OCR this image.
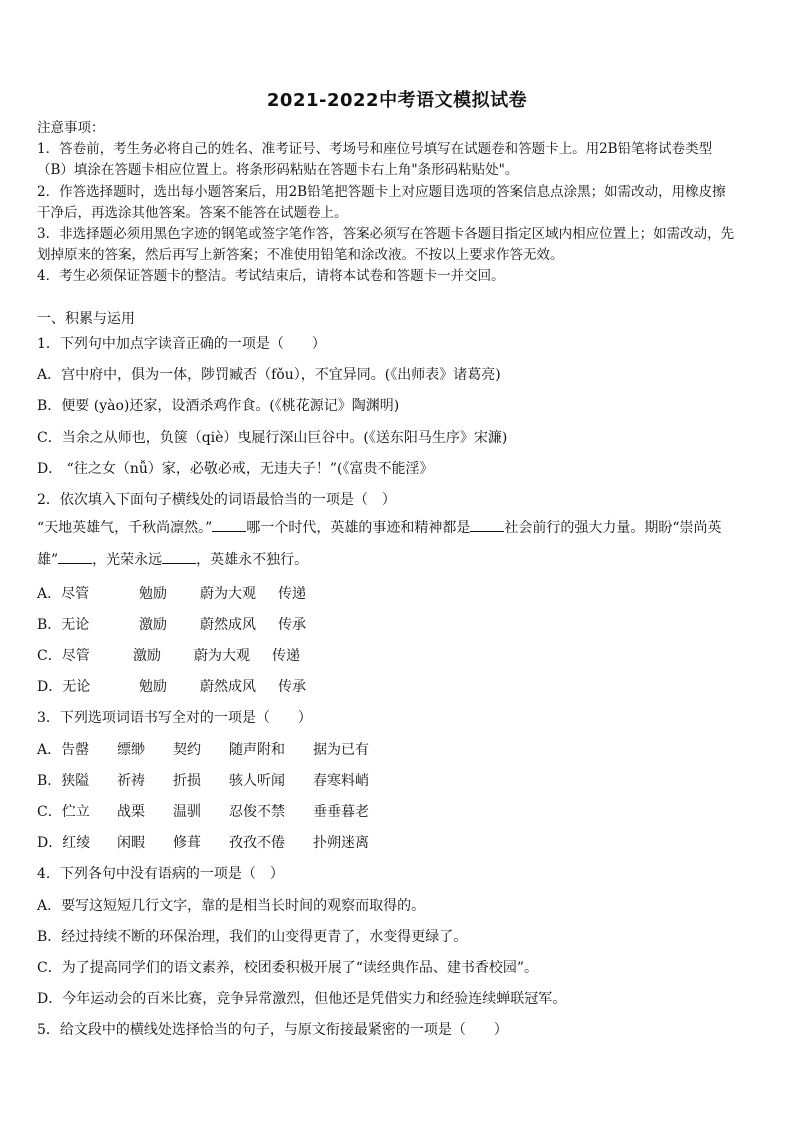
2021-2022中考语文模拟试卷

注意事项：

1．答卷前，考生务必将自己的姓名、准考证号、考场号和座位号填写在试题卷和答题卡上。用2B铅笔将试卷类型

（B）填涂在答题卡相应位置上。将条形码粘贴在答题卡右上角"条形码粘贴处"。

2．作答选择题时，选出每小题答案后，用2B铅笔把答题卡上对应题目选项的答案信息点涂黑；如需改动，用橡皮擦

干净后，再选涂其他答案。答案不能答在试题卷上。

3．非选择题必须用黑色字迹的钢笔或签字笔作答，答案必须写在答题卡各题目指定区域内相应位置上；如需改动，先

划掉原来的答案，然后再写上新答案；不准使用铅笔和涂改液。不按以上要求作答无效。

4．考生必须保证答题卡的整洁。考试结束后，请将本试卷和答题卡一并交回。

一、积累与运用
1．下列句中加点字读音正确的一项是（　　）
A．宫中府中，俱为一体，陟罚臧否（fǒu），不宜异同。(《出师表》诸葛亮)
B．便要 (yào)还家，设酒杀鸡作食。(《桃花源记》陶渊明)
C．当余之从师也，负箧（qiè）曳屣行深山巨谷中。(《送东阳马生序》宋濂)
D． “往之女（nǚ）家，必敬必戒，无违夫子！”(《富贵不能淫》
2．依次填入下面句子横线处的词语最恰当的一项是（　）
“天地英雄气，千秋尚凛然。” 哪一个时代，英雄的事迹和精神都是 社会前行的强大力量。期盼“崇尚英
雄” ，光荣永远 ，英雄永不独行。
A．尽管	勉励 蔚为大观 传递
B．无论	激励 蔚然成风 传承
C．尽管	激励 蔚为大观 传递
D．无论	勉励 蔚然成风 传承
3．下列选项词语书写全对的一项是（　　）
A．告罄 缥缈 契约 随声附和 据为已有
B．狭隘 祈祷 折损 骇人听闻 春寒料峭
C．伫立 战栗 温驯 忍俊不禁 垂垂暮老
D．红绫 闲暇 修葺 孜孜不倦 扑朔迷离
4．下列各句中没有语病的一项是（　）
A．要写这短短几行文字，靠的是相当长时间的观察而取得的。
B．经过持续不断的环保治理，我们的山变得更青了，水变得更绿了。
C．为了提高同学们的语文素养，校团委积极开展了“读经典作品、建书香校园”。
D．今年运动会的百米比赛，竞争异常激烈，但他还是凭借实力和经验连续蝉联冠军。
5．给文段中的横线处选择恰当的句子，与原文衔接最紧密的一项是（　　）
